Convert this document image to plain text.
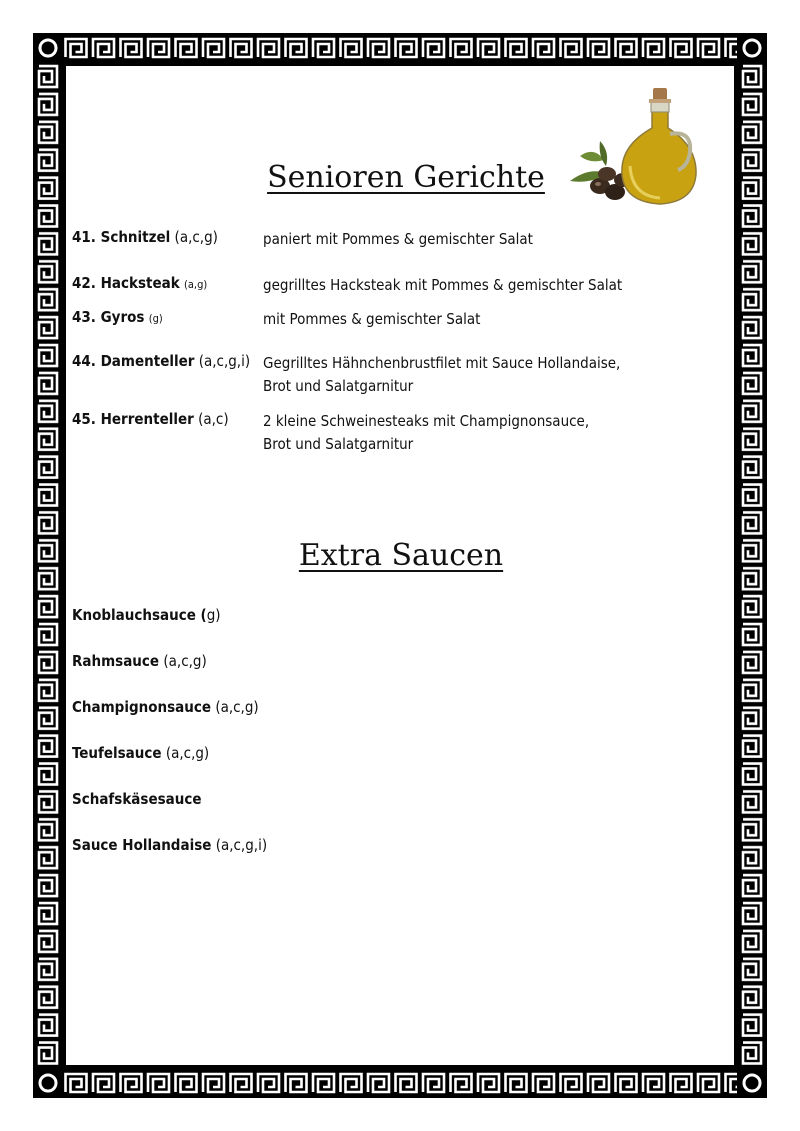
Senioren Gerichte
41. Schnitzel (a,c,g)	paniert mit Pommes & gemischter Salat
42. Hacksteak (a,g)	gegrilltes Hacksteak mit Pommes & gemischter Salat
43. Gyros (g)	mit Pommes & gemischter Salat
44. Damenteller (a,c,g,i) Gegrilltes Hähnchenbrustfilet mit Sauce Hollandaise,
Brot und Salatgarnitur
45. Herrenteller (a,c)	2 kleine Schweinesteaks mit Champignonsauce,
Brot und Salatgarnitur
Extra Saucen
Knoblauchsauce (g)
Rahmsauce (a,c,g)
Champignonsauce (a,c,g)
Teufelsauce (a,c,g)
Schafskäsesauce
Sauce Hollandaise (a,c,g,i)
